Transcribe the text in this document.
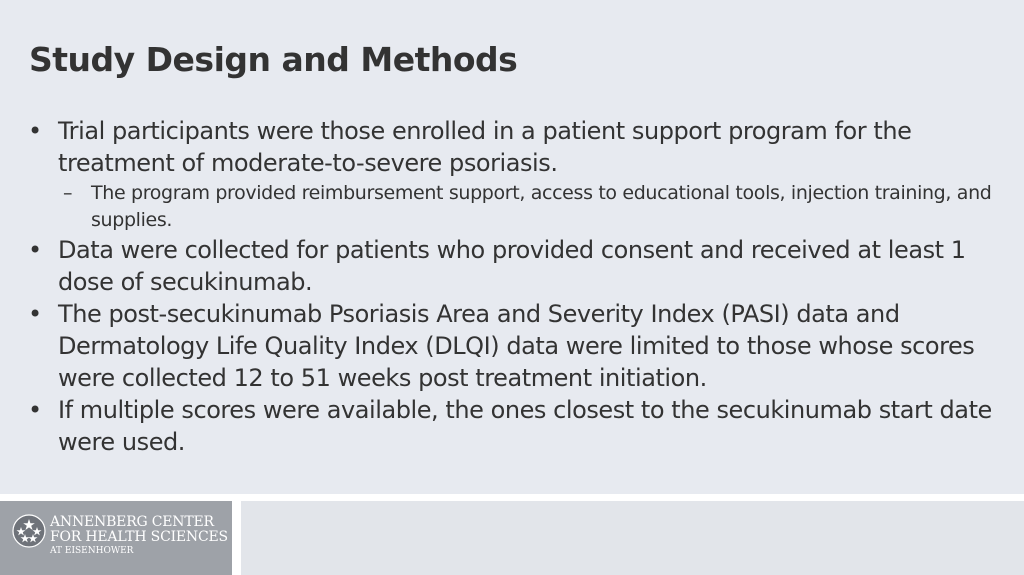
Study Design and Methods
• Trial participants were those enrolled in a patient support program for the treatment of moderate-to-severe psoriasis.
– The program provided reimbursement support, access to educational tools, injection training, and supplies.
• Data were collected for patients who provided consent and received at least 1 dose of secukinumab.
• The post-secukinumab Psoriasis Area and Severity Index (PASI) data and Dermatology Life Quality Index (DLQI) data were limited to those whose scores were collected 12 to 51 weeks post treatment initiation.
• If multiple scores were available, the ones closest to the secukinumab start date were used.
ANNENBERG CENTER
FOR HEALTH SCIENCES
AT EISENHOWER
